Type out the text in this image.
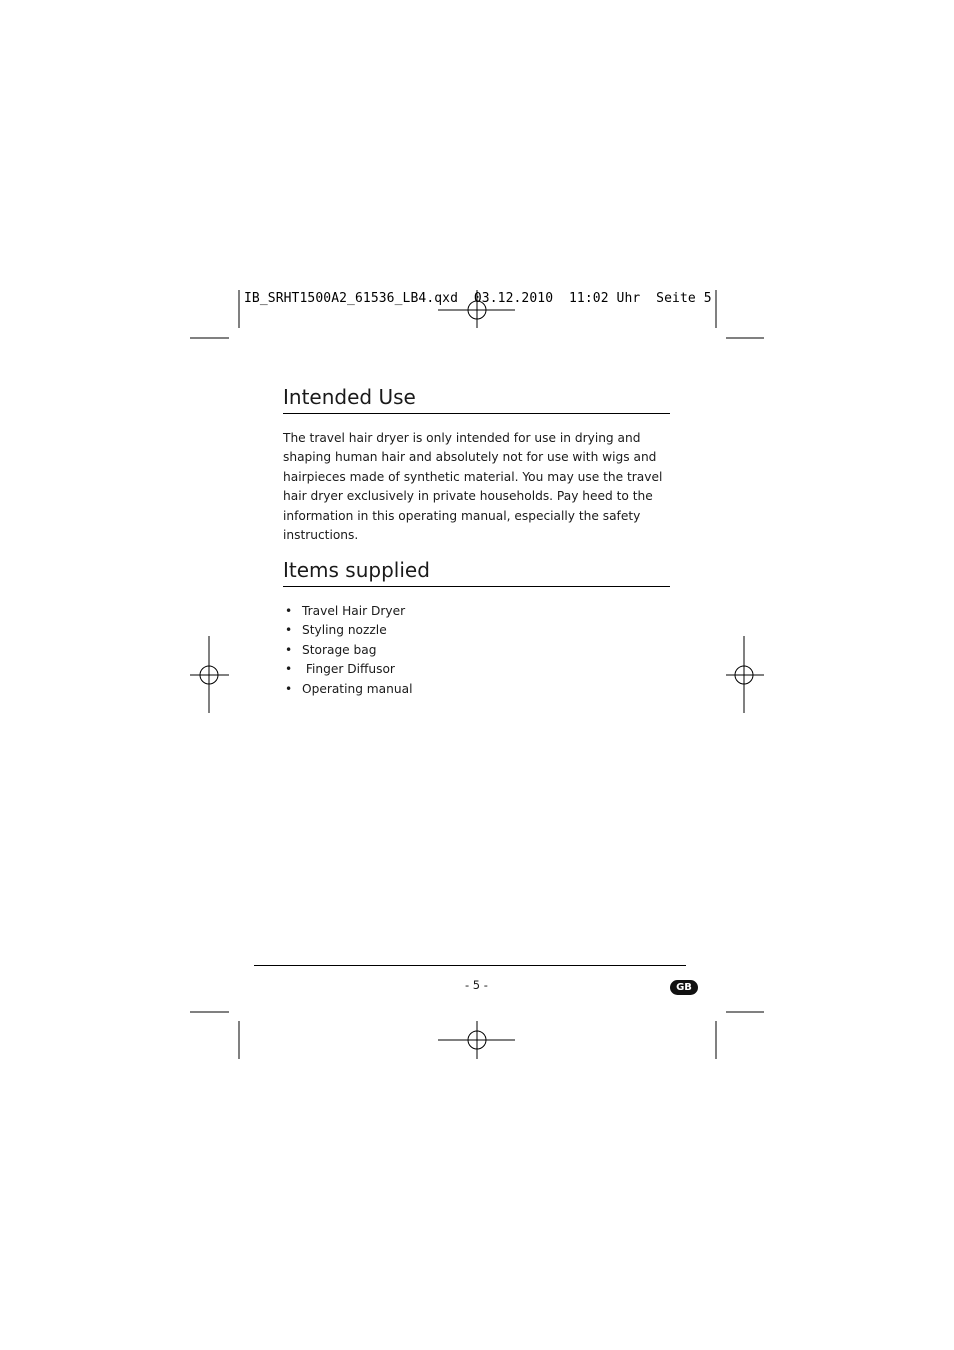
IB_SRHT1500A2_61536_LB4.qxd  03.12.2010  11:02 Uhr  Seite 5
Intended Use

The travel hair dryer is only intended for use in drying and shaping human hair and absolutely not for use with wigs and hairpieces made of synthetic material. You may use the travel hair dryer exclusively in private households. Pay heed to the information in this operating manual, especially the safety instructions.

Items supplied
• Travel Hair Dryer
• Styling nozzle
• Storage bag
•  Finger Diffusor
• Operating manual
- 5 -	GB
